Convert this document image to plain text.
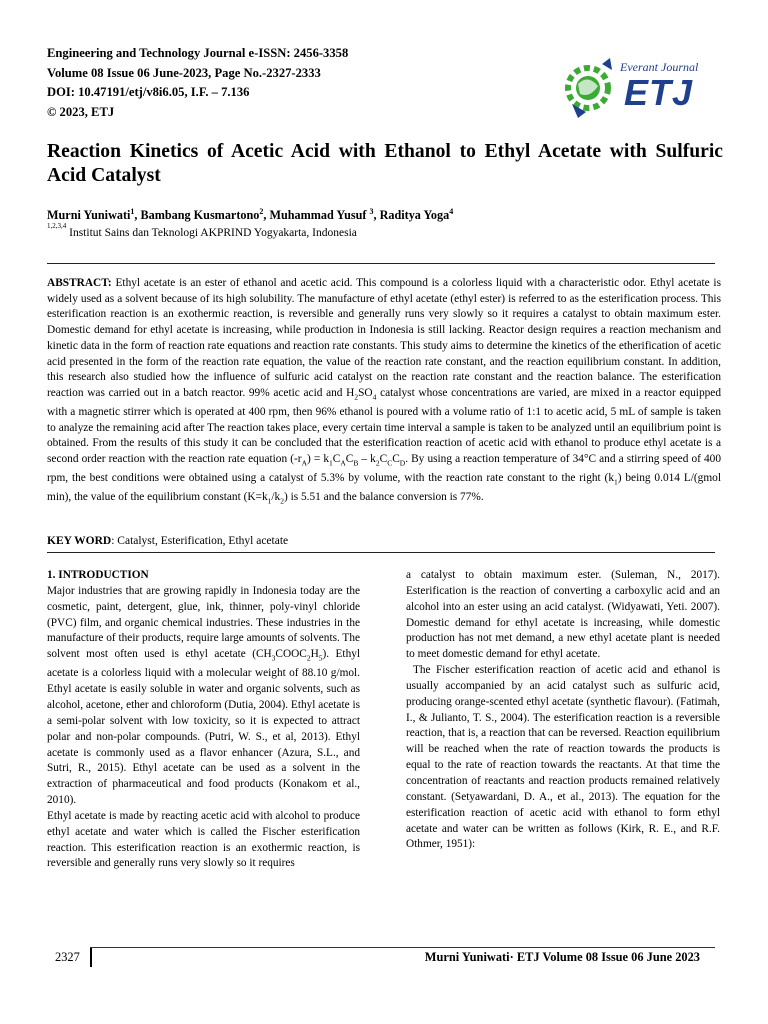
Engineering and Technology Journal e-ISSN: 2456-3358
Volume 08 Issue 06 June-2023, Page No.-2327-2333
DOI: 10.47191/etj/v8i6.05, I.F. – 7.136
© 2023, ETJ
Everant Journal
ETJ
Reaction Kinetics of Acetic Acid with Ethanol to Ethyl Acetate with Sulfuric Acid Catalyst
Murni Yuniwati$^1$, Bambang Kusmartono$^2$, Muhammad Yusuf $^3$, Raditya Yoga$^4$
$^{1,2,3,4}$ Institut Sains dan Teknologi AKPRIND Yogyakarta, Indonesia

ABSTRACT: Ethyl acetate is an ester of ethanol and acetic acid. This compound is a colorless liquid with a characteristic odor. Ethyl acetate is widely used as a solvent because of its high solubility. The manufacture of ethyl acetate (ethyl ester) is referred to as the esterification process. This esterification reaction is an exothermic reaction, is reversible and generally runs very slowly so it requires a catalyst to obtain maximum ester. Domestic demand for ethyl acetate is increasing, while production in Indonesia is still lacking. Reactor design requires a reaction mechanism and kinetic data in the form of reaction rate equations and reaction rate constants. This study aims to determine the kinetics of the etherification of acetic acid presented in the form of the reaction rate equation, the value of the reaction rate constant, and the reaction equilibrium constant. In addition, this research also studied how the influence of sulfuric acid catalyst on the reaction rate constant and the reaction balance. The esterification reaction was carried out in a batch reactor. 99% acetic acid and $H_2SO_4$ catalyst whose concentrations are varied, are mixed in a reactor equipped with a magnetic stirrer which is operated at 400 rpm, then 96% ethanol is poured with a volume ratio of 1:1 to acetic acid, 5 mL of sample is taken to analyze the remaining acid after The reaction takes place, every certain time interval a sample is taken to be analyzed until an equilibrium point is obtained. From the results of this study it can be concluded that the esterification reaction of acetic acid with ethanol to produce ethyl acetate is a second order reaction with the reaction rate equation $(-r_A) = k_1C_AC_B - k_2C_CC_D$. By using a reaction temperature of 34°C and a stirring speed of 400 rpm, the best conditions were obtained using a catalyst of 5.3% by volume, with the reaction rate constant to the right $(k_1)$ being 0.014 L/(gmol min), the value of the equilibrium constant $(K=k_1/k_2)$ is 5.51 and the balance conversion is 77%.

KEY WORD: Catalyst, Esterification, Ethyl acetate

1. INTRODUCTION

Major industries that are growing rapidly in Indonesia today are the cosmetic, paint, detergent, glue, ink, thinner, poly-vinyl chloride (PVC) film, and organic chemical industries. These industries in the manufacture of their products, require large amounts of solvents. The solvent most often used is ethyl acetate $(CH_3COOC_2H_5)$. Ethyl acetate is a colorless liquid with a molecular weight of 88.10 g/mol. Ethyl acetate is easily soluble in water and organic solvents, such as alcohol, acetone, ether and chloroform (Dutia, 2004). Ethyl acetate is a semi-polar solvent with low toxicity, so it is expected to attract polar and non-polar compounds. (Putri, W. S., et al, 2013). Ethyl acetate is commonly used as a flavor enhancer (Azura, S.L., and Sutri, R., 2015). Ethyl acetate can be used as a solvent in the extraction of pharmaceutical and food products (Konakom et al., 2010).

Ethyl acetate is made by reacting acetic acid with alcohol to produce ethyl acetate and water which is called the Fischer esterification reaction. This esterification reaction is an exothermic reaction, is reversible and generally runs very slowly so it requires

a catalyst to obtain maximum ester. (Suleman, N., 2017). Esterification is the reaction of converting a carboxylic acid and an alcohol into an ester using an acid catalyst. (Widyawati, Yeti. 2007). Domestic demand for ethyl acetate is increasing, while domestic production has not met demand, a new ethyl acetate plant is needed to meet domestic demand for ethyl acetate.

The Fischer esterification reaction of acetic acid and ethanol is usually accompanied by an acid catalyst such as sulfuric acid, producing orange-scented ethyl acetate (synthetic flavour). (Fatimah, I., & Julianto, T. S., 2004). The esterification reaction is a reversible reaction, that is, a reaction that can be reversed. Reaction equilibrium will be reached when the rate of reaction towards the products is equal to the rate of reaction towards the reactants. At that time the concentration of reactants and reaction products remained relatively constant. (Setyawardani, D. A., et al., 2013). The equation for the esterification reaction of acetic acid with ethanol to form ethyl acetate and water can be written as follows (Kirk, R. E., and R.F. Othmer, 1951):

2327	Murni Yuniwati· ETJ Volume 08 Issue 06 June 2023
